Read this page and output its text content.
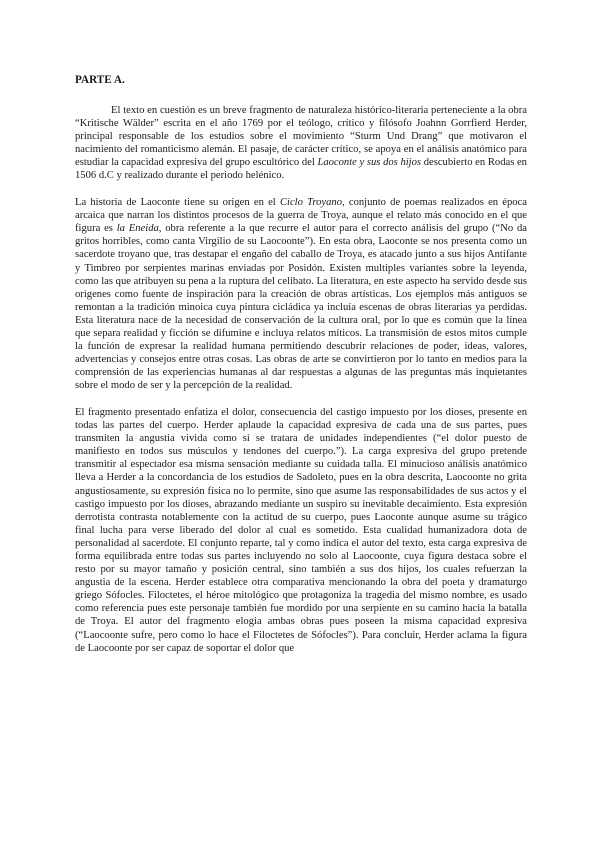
PARTE A.

El texto en cuestión es un breve fragmento de naturaleza histórico-literaria perteneciente a la obra “Kritische Wälder” escrita en el año 1769 por el teólogo, crítico y filósofo Joahnn Gorrfierd Herder, principal responsable de los estudios sobre el movimiento “Sturm Und Drang” que motivaron el nacimiento del romanticismo alemán. El pasaje, de carácter crítico, se apoya en el análisis anatómico para estudiar la capacidad expresiva del grupo escultórico del Laoconte y sus dos hijos descubierto en Rodas en 1506 d.C y realizado durante el periodo helénico.

La historia de Laoconte tiene su origen en el Ciclo Troyano, conjunto de poemas realizados en época arcaica que narran los distintos procesos de la guerra de Troya, aunque el relato más conocido en el que figura es la Eneida, obra referente a la que recurre el autor para el correcto análisis del grupo (“No da gritos horribles, como canta Virgilio de su Laocoonte”). En esta obra, Laoconte se nos presenta como un sacerdote troyano que, tras destapar el engaño del caballo de Troya, es atacado junto a sus hijos Antifante y Timbreo por serpientes marinas enviadas por Posidón. Existen multiples variantes sobre la leyenda, como las que atribuyen su pena a la ruptura del celibato. La literatura, en este aspecto ha servido desde sus origenes como fuente de inspiración para la creación de obras artísticas. Los ejemplos más antiguos se remontan a la tradición minoica cuya pintura cicládica ya incluía escenas de obras literarias ya perdidas. Esta literatura nace de la necesidad de conservación de la cultura oral, por lo que es común que la línea que separa realidad y ficción se difumine e incluya relatos míticos. La transmisión de estos mitos cumple la función de expresar la realidad humana permitiendo descubrir relaciones de poder, ideas, valores, advertencias y consejos entre otras cosas. Las obras de arte se convirtieron por lo tanto en medios para la comprensión de las experiencias humanas al dar respuestas a algunas de las preguntas más inquietantes sobre el modo de ser y la percepción de la realidad.

El fragmento presentado enfatiza el dolor, consecuencia del castigo impuesto por los dioses, presente en todas las partes del cuerpo. Herder aplaude la capacidad expresiva de cada una de sus partes, pues transmiten la angustia vivida como si se tratara de unidades independientes (“el dolor puesto de manifiesto en todos sus músculos y tendones del cuerpo.”). La carga expresiva del grupo pretende transmitir al espectador esa misma sensación mediante su cuidada talla. El minucioso análisis anatómico lleva a Herder a la concordancia de los estudios de Sadoleto, pues en la obra descrita, Laocoonte no grita angustiosamente, su expresión física no lo permite, sino que asume las responsabilidades de sus actos y el castigo impuesto por los dioses, abrazando mediante un suspiro su inevitable decaimiento. Esta expresión derrotista contrasta notablemente con la actitud de su cuerpo, pues Laoconte aunque asume su trágico final lucha para verse liberado del dolor al cual es sometido. Esta cualidad humanizadora dota de personalidad al sacerdote. El conjunto reparte, tal y como indica el autor del texto, esta carga expresiva de forma equilibrada entre todas sus partes incluyendo no solo al Laocoonte, cuya figura destaca sobre el resto por su mayor tamaño y posición central, sino también a sus dos hijos, los cuales refuerzan la angustia de la escena. Herder establece otra comparativa mencionando la obra del poeta y dramaturgo griego Sófocles. Filoctetes, el héroe mitológico que protagoniza la tragedia del mismo nombre, es usado como referencia pues este personaje también fue mordido por una serpiente en su camino hacia la batalla de Troya. El autor del fragmento elogia ambas obras pues poseen la misma capacidad expresiva (“Laocoonte sufre, pero como lo hace el Filoctetes de Sófocles”). Para concluir, Herder aclama la figura de Laocoonte por ser capaz de soportar el dolor que
